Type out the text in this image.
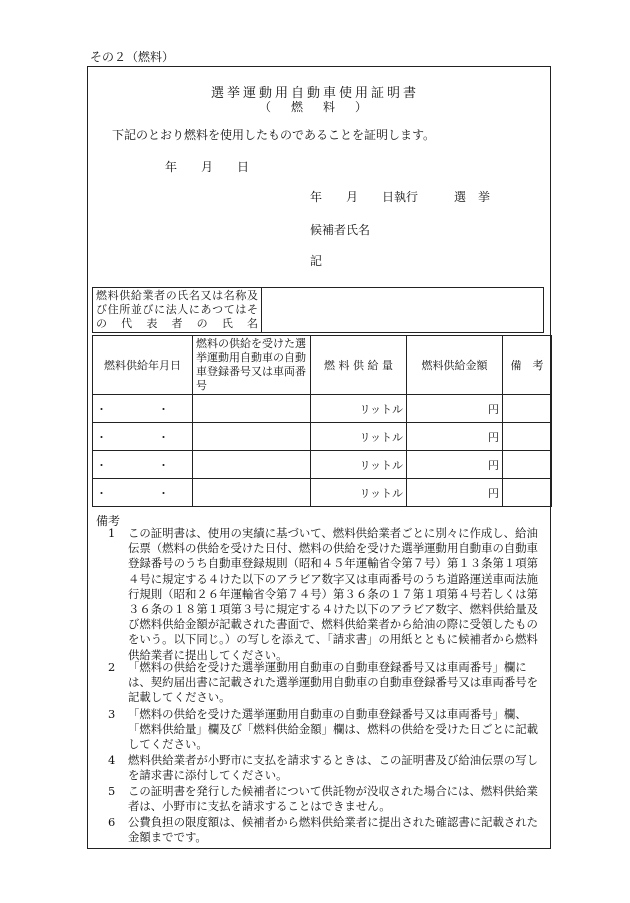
その２（燃料）
選挙運動用自動車使用証明書
（　燃　料　）
下記のとおり燃料を使用したものであることを証明します。
年　　月　　日
年　　月　　日執行　　　選　挙
候補者氏名
記
燃料供給業者の氏名又は名称及び住所並びに法人にあつてはその代表者の氏名	
燃料供給年月日	燃料の供給を受けた選挙運動用自動車の自動車登録番号又は車両番号	燃 料 供 給 量	燃料供給金額	備　考
・　・		リットル	円	
・　・		リットル	円	
・　・		リットル	円	
・　・		リットル	円	
備考
1	この証明書は、使用の実績に基づいて、燃料供給業者ごとに別々に作成し、給油伝票（燃料の供給を受けた日付、燃料の供給を受けた選挙運動用自動車の自動車登録番号のうち自動車登録規則（昭和４５年運輸省令第７号）第１３条第１項第４号に規定する４けた以下のアラビア数字又は車両番号のうち道路運送車両法施行規則（昭和２６年運輸省令第７４号）第３６条の１７第１項第４号若しくは第３６条の１８第１項第３号に規定する４けた以下のアラビア数字、燃料供給量及び燃料供給金額が記載された書面で、燃料供給業者から給油の際に受領したものをいう。以下同じ。）の写しを添えて、「請求書」の用紙とともに候補者から燃料供給業者に提出してください。
2	「燃料の供給を受けた選挙運動用自動車の自動車登録番号又は車両番号」欄には、契約届出書に記載された選挙運動用自動車の自動車登録番号又は車両番号を記載してください。
3	「燃料の供給を受けた選挙運動用自動車の自動車登録番号又は車両番号」欄、「燃料供給量」欄及び「燃料供給金額」欄は、燃料の供給を受けた日ごとに記載してください。
4	燃料供給業者が小野市に支払を請求するときは、この証明書及び給油伝票の写しを請求書に添付してください。
5	この証明書を発行した候補者について供託物が没収された場合には、燃料供給業者は、小野市に支払を請求することはできません。
6	公費負担の限度額は、候補者から燃料供給業者に提出された確認書に記載された金額までです。
